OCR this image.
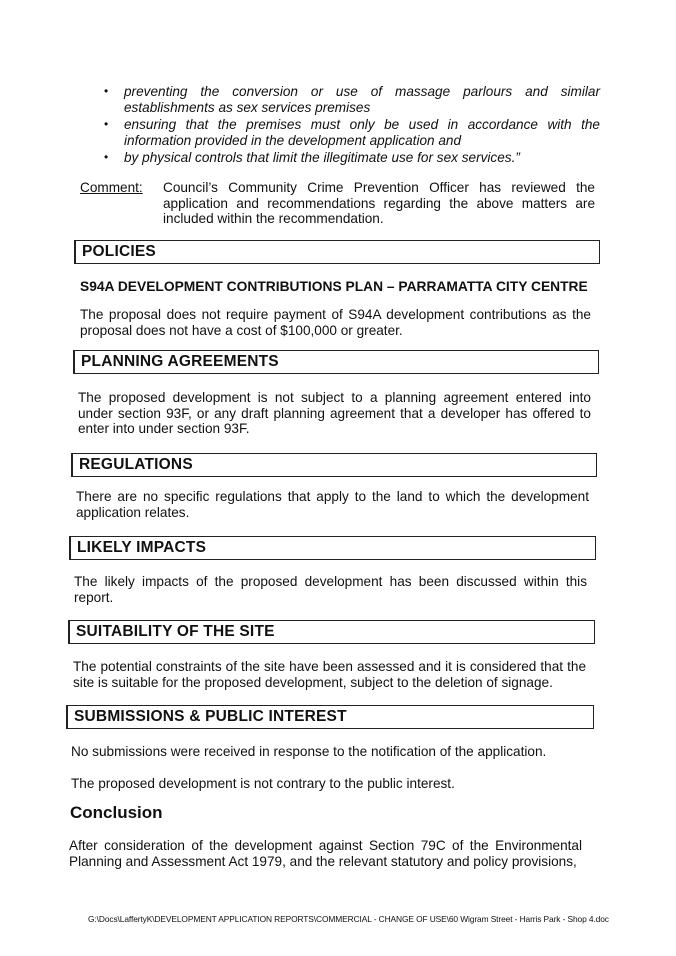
• preventing the conversion or use of massage parlours and similar establishments as sex services premises
• ensuring that the premises must only be used in accordance with the information provided in the development application and
• by physical controls that limit the illegitimate use for sex services.”
Comment: Council’s Community Crime Prevention Officer has reviewed the application and recommendations regarding the above matters are included within the recommendation.
POLICIES
S94A DEVELOPMENT CONTRIBUTIONS PLAN – PARRAMATTA CITY CENTRE
The proposal does not require payment of S94A development contributions as the proposal does not have a cost of $100,000 or greater.
PLANNING AGREEMENTS
The proposed development is not subject to a planning agreement entered into under section 93F, or any draft planning agreement that a developer has offered to enter into under section 93F.
REGULATIONS
There are no specific regulations that apply to the land to which the development application relates.
LIKELY IMPACTS
The likely impacts of the proposed development has been discussed within this report.
SUITABILITY OF THE SITE
The potential constraints of the site have been assessed and it is considered that the site is suitable for the proposed development, subject to the deletion of signage.
SUBMISSIONS & PUBLIC INTEREST
No submissions were received in response to the notification of the application.
The proposed development is not contrary to the public interest.
Conclusion
After consideration of the development against Section 79C of the Environmental Planning and Assessment Act 1979, and the relevant statutory and policy provisions,
G:\Docs\LaffertyK\DEVELOPMENT APPLICATION REPORTS\COMMERCIAL - CHANGE OF USE\60 Wigram Street - Harris Park - Shop 4.doc
